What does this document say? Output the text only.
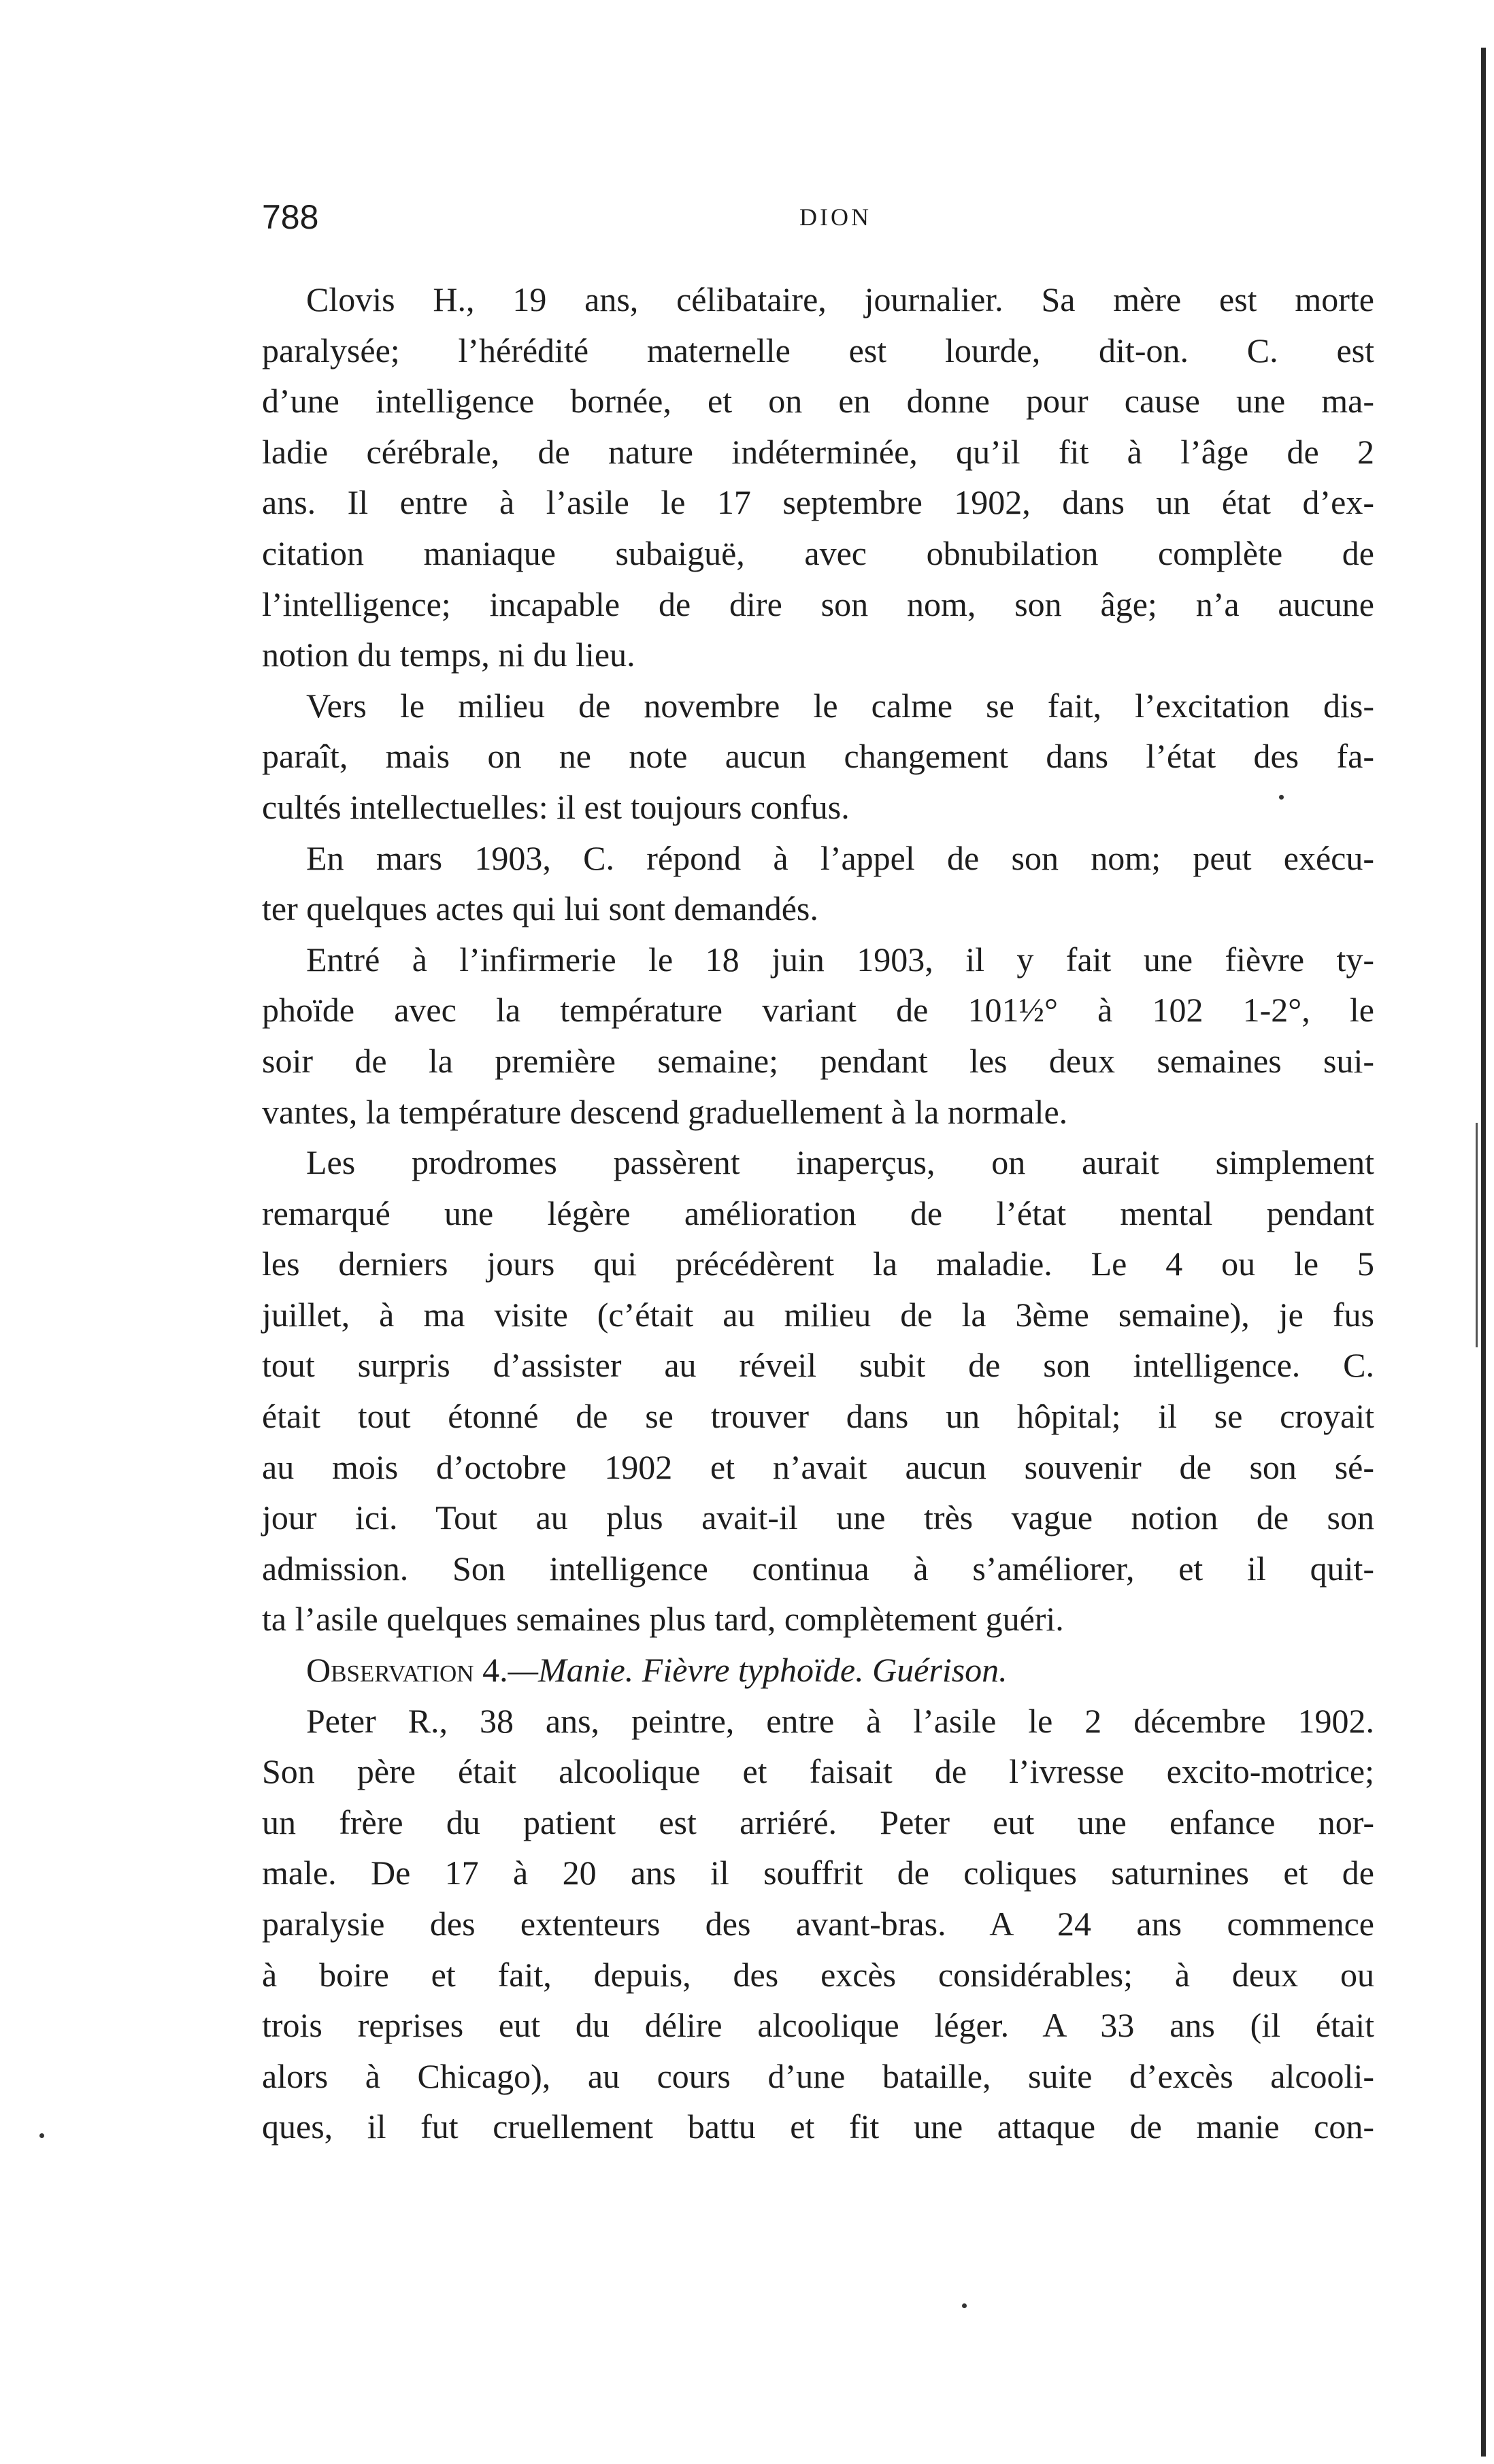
788	DION
Clovis H., 19 ans, célibataire, journalier. Sa mère est morte
paralysée; l’hérédité maternelle est lourde, dit-on. C. est
d’une intelligence bornée, et on en donne pour cause une ma-
ladie cérébrale, de nature indéterminée, qu’il fit à l’âge de 2
ans. Il entre à l’asile le 17 septembre 1902, dans un état d’ex-
citation maniaque subaiguë, avec obnubilation complète de
l’intelligence; incapable de dire son nom, son âge; n’a aucune
notion du temps, ni du lieu.
Vers le milieu de novembre le calme se fait, l’excitation dis-
paraît, mais on ne note aucun changement dans l’état des fa-
cultés intellectuelles: il est toujours confus.
En mars 1903, C. répond à l’appel de son nom; peut exécu-
ter quelques actes qui lui sont demandés.
Entré à l’infirmerie le 18 juin 1903, il y fait une fièvre ty-
phoïde avec la température variant de 101½° à 102 1-2°, le
soir de la première semaine; pendant les deux semaines sui-
vantes, la température descend graduellement à la normale.
Les prodromes passèrent inaperçus, on aurait simplement
remarqué une légère amélioration de l’état mental pendant
les derniers jours qui précédèrent la maladie. Le 4 ou le 5
juillet, à ma visite (c’était au milieu de la 3ème semaine), je fus
tout surpris d’assister au réveil subit de son intelligence. C.
était tout étonné de se trouver dans un hôpital; il se croyait
au mois d’octobre 1902 et n’avait aucun souvenir de son sé-
jour ici. Tout au plus avait-il une très vague notion de son
admission. Son intelligence continua à s’améliorer, et il quit-
ta l’asile quelques semaines plus tard, complètement guéri.
Observation 4.—Manie. Fièvre typhoïde. Guérison.
Peter R., 38 ans, peintre, entre à l’asile le 2 décembre 1902.
Son père était alcoolique et faisait de l’ivresse excito-motrice;
un frère du patient est arriéré. Peter eut une enfance nor-
male. De 17 à 20 ans il souffrit de coliques saturnines et de
paralysie des extenteurs des avant-bras. A 24 ans commence
à boire et fait, depuis, des excès considérables; à deux ou
trois reprises eut du délire alcoolique léger. A 33 ans (il était
alors à Chicago), au cours d’une bataille, suite d’excès alcooli-
ques, il fut cruellement battu et fit une attaque de manie con-
